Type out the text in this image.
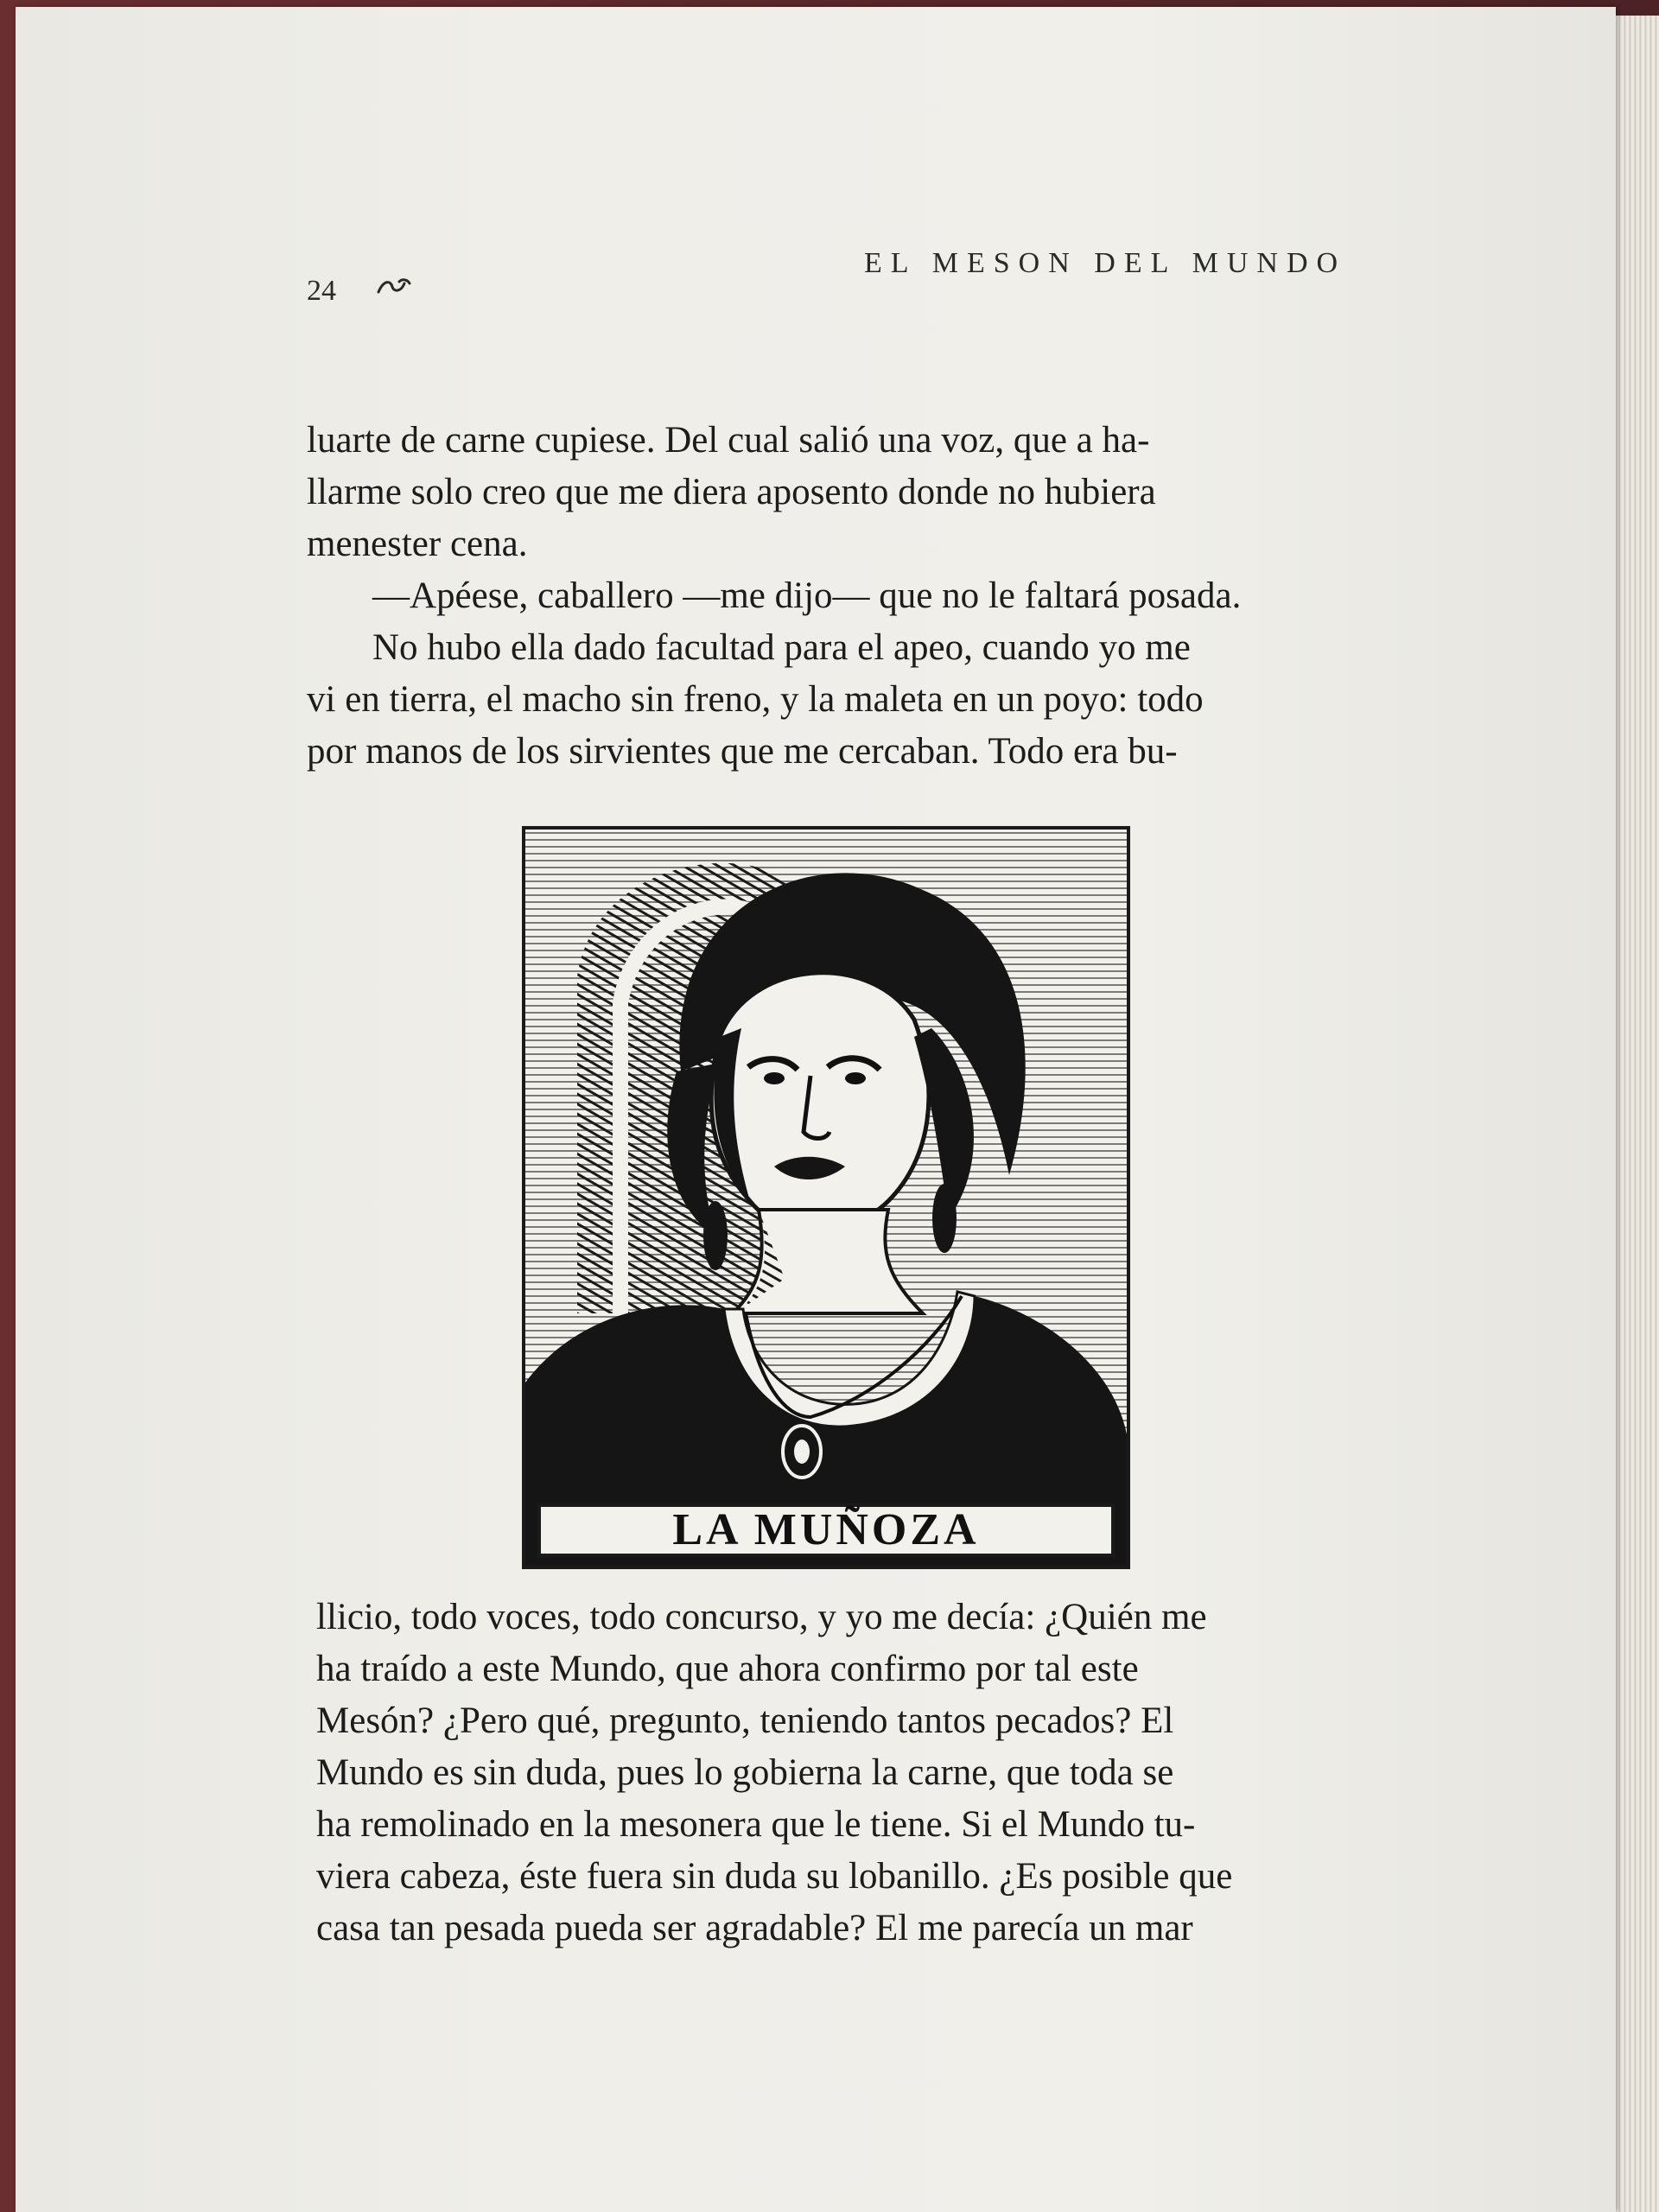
24
EL MESON DEL MUNDO

luarte de carne cupiese. Del cual salió una voz, que a ha-

llarme solo creo que me diera aposento donde no hubiera

menester cena.

—Apéese, caballero —me dijo— que no le faltará posada.

No hubo ella dado facultad para el apeo, cuando yo me

vi en tierra, el macho sin freno, y la maleta en un poyo: todo

por manos de los sirvientes que me cercaban. Todo era bu-

LA MUÑOZA

llicio, todo voces, todo concurso, y yo me decía: ¿Quién me

ha traído a este Mundo, que ahora confirmo por tal este

Mesón? ¿Pero qué, pregunto, teniendo tantos pecados? El

Mundo es sin duda, pues lo gobierna la carne, que toda se

ha remolinado en la mesonera que le tiene. Si el Mundo tu-

viera cabeza, éste fuera sin duda su lobanillo. ¿Es posible que

casa tan pesada pueda ser agradable? El me parecía un mar
